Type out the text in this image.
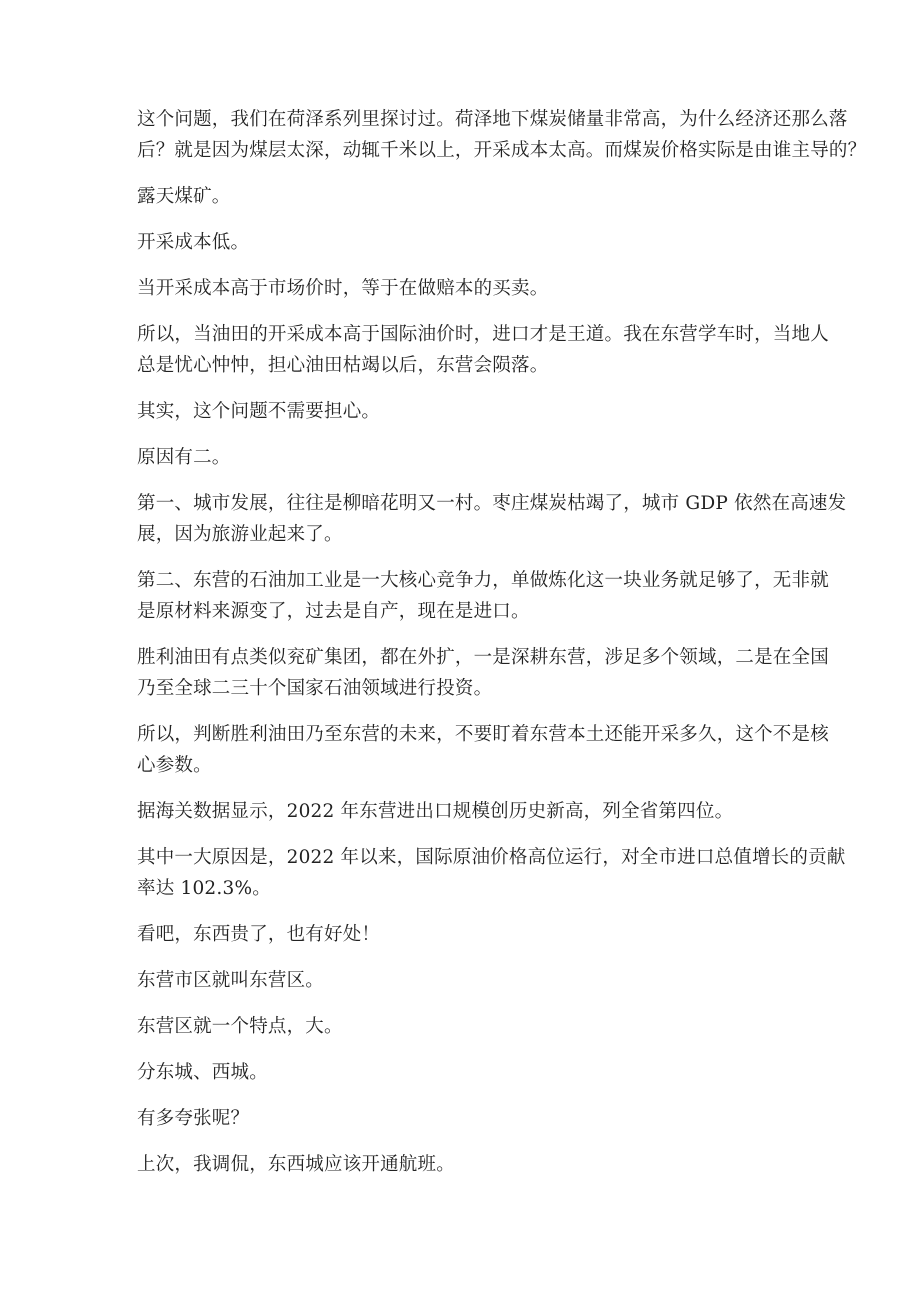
这个问题，我们在荷泽系列里探讨过。荷泽地下煤炭储量非常高，为什么经济还那么落
后？就是因为煤层太深，动辄千米以上，开采成本太高。而煤炭价格实际是由谁主导的？
露天煤矿。
开采成本低。
当开采成本高于市场价时，等于在做赔本的买卖。
所以，当油田的开采成本高于国际油价时，进口才是王道。我在东营学车时，当地人
总是忧心忡忡，担心油田枯竭以后，东营会陨落。
其实，这个问题不需要担心。
原因有二。
第一、城市发展，往往是柳暗花明又一村。枣庄煤炭枯竭了，城市 GDP 依然在高速发
展，因为旅游业起来了。
第二、东营的石油加工业是一大核心竞争力，单做炼化这一块业务就足够了，无非就
是原材料来源变了，过去是自产，现在是进口。
胜利油田有点类似兖矿集团，都在外扩，一是深耕东营，涉足多个领域，二是在全国
乃至全球二三十个国家石油领域进行投资。
所以，判断胜利油田乃至东营的未来，不要盯着东营本土还能开采多久，这个不是核
心参数。
据海关数据显示，2022 年东营进出口规模创历史新高，列全省第四位。
其中一大原因是，2022 年以来，国际原油价格高位运行，对全市进口总值增长的贡献
率达 102.3%。
看吧，东西贵了，也有好处！
东营市区就叫东营区。
东营区就一个特点，大。
分东城、西城。
有多夸张呢？
上次，我调侃，东西城应该开通航班。
